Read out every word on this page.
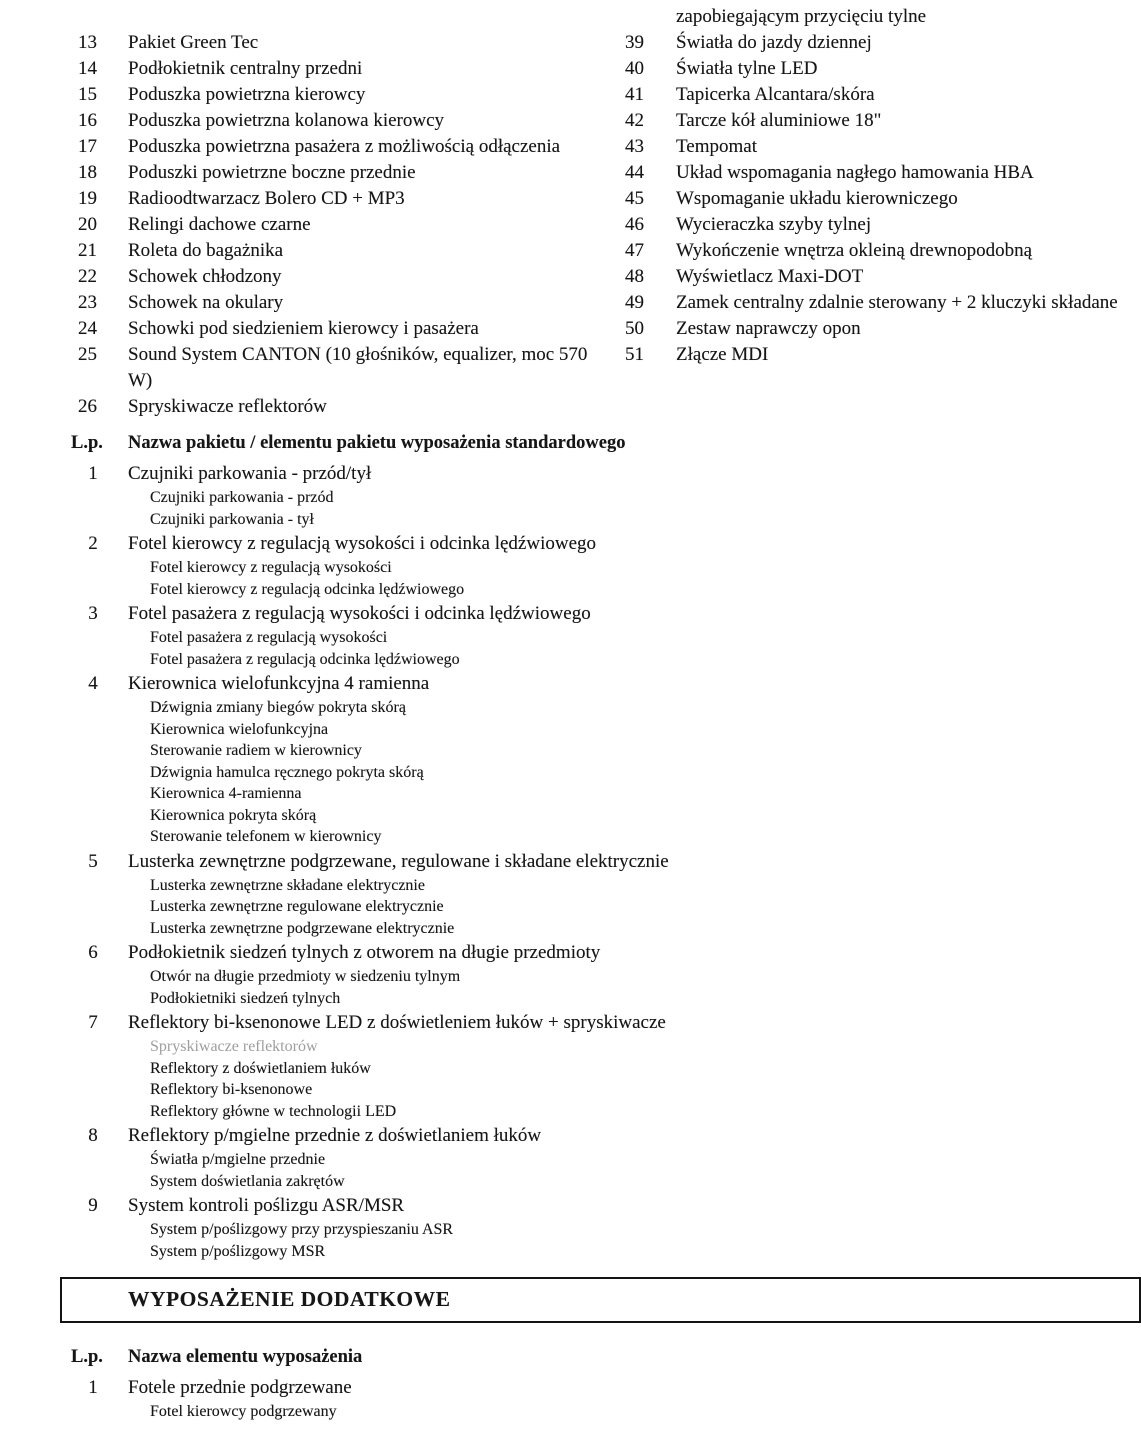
zapobiegającym przycięciu tylne
13	Pakiet Green Tec	39	Światła do jazdy dziennej
14	Podłokietnik centralny przedni	40	Światła tylne LED
15	Poduszka powietrzna kierowcy	41	Tapicerka Alcantara/skóra
16	Poduszka powietrzna kolanowa kierowcy	42	Tarcze kół aluminiowe 18"
17	Poduszka powietrzna pasażera z możliwością odłączenia	43	Tempomat
18	Poduszki powietrzne boczne przednie	44	Układ wspomagania nagłego hamowania HBA
19	Radioodtwarzacz Bolero CD + MP3	45	Wspomaganie układu kierowniczego
20	Relingi dachowe czarne	46	Wycieraczka szyby tylnej
21	Roleta do bagażnika	47	Wykończenie wnętrza okleiną drewnopodobną
22	Schowek chłodzony	48	Wyświetlacz Maxi-DOT
23	Schowek na okulary	49	Zamek centralny zdalnie sterowany + 2 kluczyki składane
24	Schowki pod siedzieniem kierowcy i pasażera	50	Zestaw naprawczy opon
25	Sound System CANTON (10 głośników, equalizer, moc 570 W)
51	Złącze MDI
26	Spryskiwacze reflektorów
L.p.	Nazwa pakietu / elementu pakietu wyposażenia standardowego
1	Czujniki parkowania - przód/tył
Czujniki parkowania - przód
Czujniki parkowania - tył
2	Fotel kierowcy z regulacją wysokości i odcinka lędźwiowego
Fotel kierowcy z regulacją wysokości
Fotel kierowcy z regulacją odcinka lędźwiowego
3	Fotel pasażera z regulacją wysokości i odcinka lędźwiowego
Fotel pasażera z regulacją wysokości
Fotel pasażera z regulacją odcinka lędźwiowego
4	Kierownica wielofunkcyjna 4 ramienna
Dźwignia zmiany biegów pokryta skórą
Kierownica wielofunkcyjna
Sterowanie radiem w kierownicy
Dźwignia hamulca ręcznego pokryta skórą
Kierownica 4-ramienna
Kierownica pokryta skórą
Sterowanie telefonem w kierownicy
5	Lusterka zewnętrzne podgrzewane, regulowane i składane elektrycznie
Lusterka zewnętrzne składane elektrycznie
Lusterka zewnętrzne regulowane elektrycznie
Lusterka zewnętrzne podgrzewane elektrycznie
6	Podłokietnik siedzeń tylnych z otworem na długie przedmioty
Otwór na długie przedmioty w siedzeniu tylnym
Podłokietniki siedzeń tylnych
7	Reflektory bi-ksenonowe LED z doświetleniem łuków + spryskiwacze
Spryskiwacze reflektorów
Reflektory z doświetlaniem łuków
Reflektory bi-ksenonowe
Reflektory główne w technologii LED
8	Reflektory p/mgielne przednie z doświetlaniem łuków
Światła p/mgielne przednie
System doświetlania zakrętów
9	System kontroli poślizgu ASR/MSR
System p/poślizgowy przy przyspieszaniu ASR
System p/poślizgowy MSR
WYPOSAŻENIE DODATKOWE
L.p.	Nazwa elementu wyposażenia
1	Fotele przednie podgrzewane
Fotel kierowcy podgrzewany
